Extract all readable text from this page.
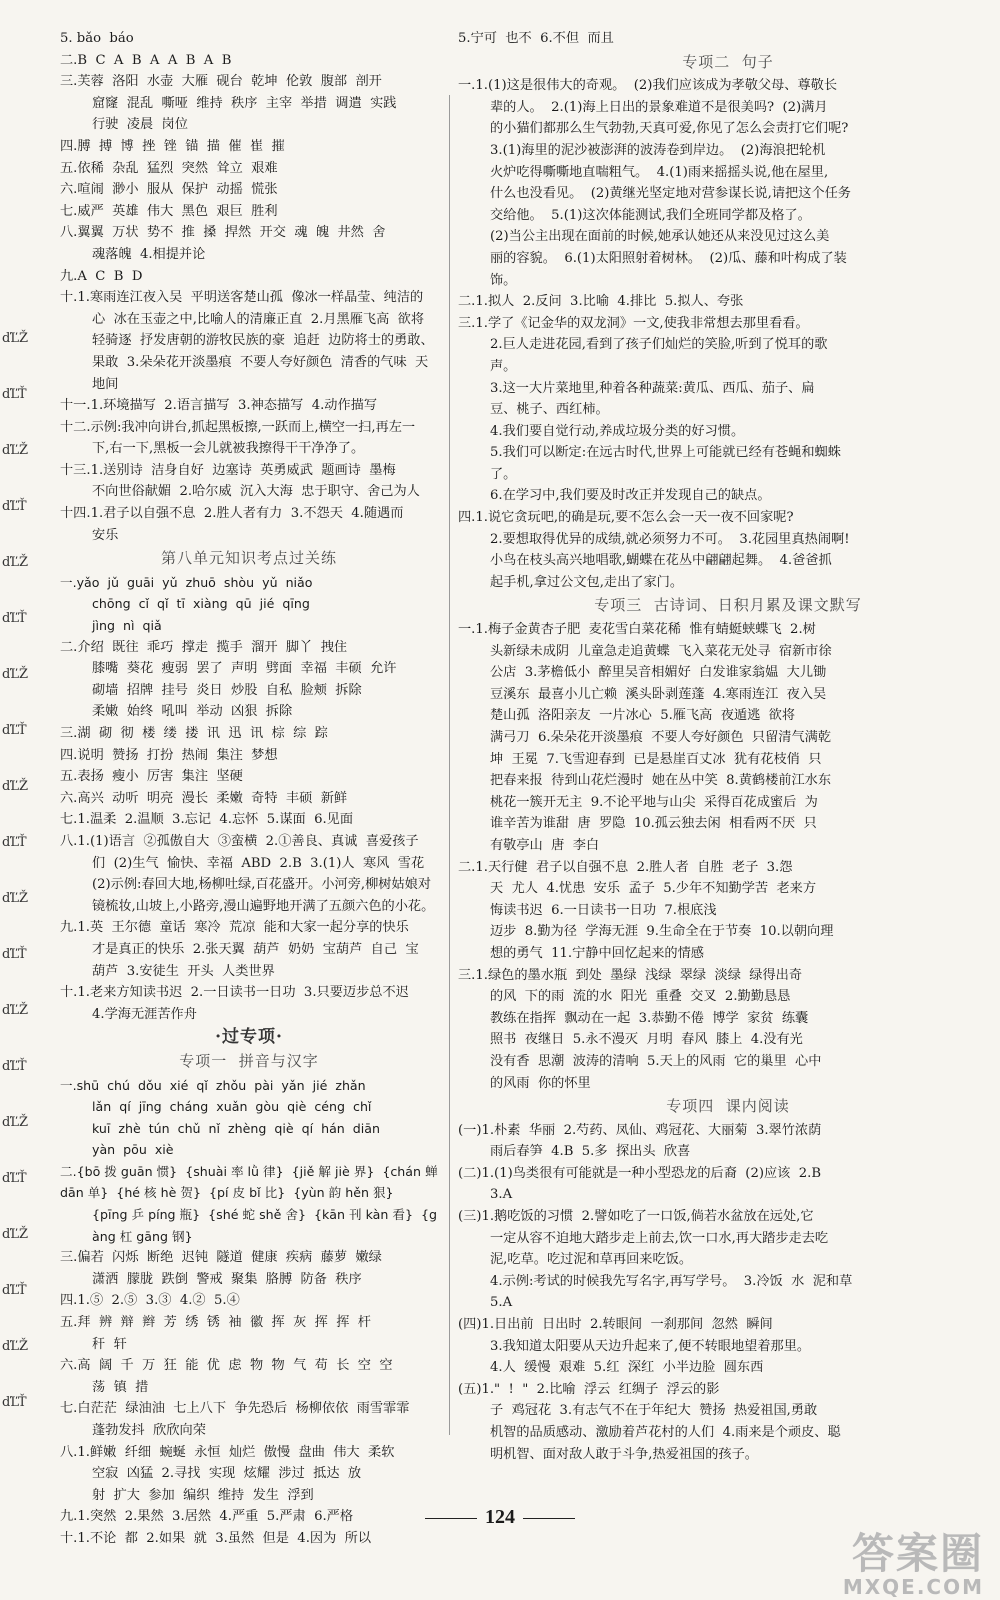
ďĽŽ
ďĽŤ
ďĽŽ
ďĽŤ
ďĽŽ
ďĽŤ
ďĽŽ
ďĽŤ
ďĽŽ
ďĽŤ
ďĽŽ
ďĽŤ
ďĽŽ
ďĽŤ
ďĽŽ
ďĽŤ
ďĽŽ
ďĽŤ
ďĽŽ
ďĽŤ
5. bǎo  báo
二.B  C  A  B  A  A  B  A  B
三.芙蓉  洛阳  水壶  大雁  砚台  乾坤  伦敦  腹部  剖开
窟窿  混乱  嘶哑  维持  秩序  主宰  举措  调遣  实践
行驶  凌晨  岗位
四.膊  搏  博  挫  锉  锚  描  催  崔  摧
五.依稀  杂乱  猛烈  突然  耸立  艰难
六.喧闹  渺小  服从  保护  动摇  慌张
七.威严  英雄  伟大  黑色  艰巨  胜利
八.翼翼  万状  势不  推  搡  捍然  开交  魂  魄  井然  舍
魂落魄  4.相提并论
九.A  C  B  D
十.1.寒雨连江夜入吴  平明送客楚山孤  像冰一样晶莹、纯洁的
心  冰在玉壶之中,比喻人的清廉正直  2.月黑雁飞高  欲将
轻骑逐  抒发唐朝的游牧民族的豪  追赶  边防将士的勇敢、
果敢  3.朵朵花开淡墨痕  不要人夸好颜色  清香的气味  天地间
十一.1.环境描写  2.语言描写  3.神态描写  4.动作描写
十二.示例:我冲向讲台,抓起黑板擦,一跃而上,横空一扫,再左一
下,右一下,黑板一会儿就被我擦得干干净净了。
十三.1.送别诗  洁身自好  边塞诗  英勇威武  题画诗  墨梅
不向世俗献媚  2.哈尔威  沉入大海  忠于职守、舍己为人
十四.1.君子以自强不息  2.胜人者有力  3.不怨天  4.随遇而
安乐
第八单元知识考点过关练
一.yǎo  jǔ  guāi  yǔ  zhuō  shòu  yǔ  niǎo
chōng  cǐ  qǐ  tī  xiàng  qū  jié  qīng
jìng  nì  qiǎ
二.介绍  既往  乖巧  撑走  揽手  溜开  脚丫  拽住
膝嘴  葵花  瘦弱  罢了  声明  劈面  幸福  丰硕  允许
砌墙  招牌  挂号  炎日  炒股  自私  脸颊  拆除
柔嫩  始终  吼叫  举动  凶狠  拆除
三.湖  砌  彻  楼  缕  搂  讯  迅  讯  棕  综  踪
四.说明  赞扬  打扮  热闹  集注  梦想
五.表扬  瘦小  厉害  集注  坚硬
六.高兴  动听  明亮  漫长  柔嫩  奇特  丰硕  新鲜
七.1.温柔  2.温顺  3.忘记  4.忘怀  5.谋面  6.见面
八.1.(1)语言  ②孤傲自大  ③蛮横  2.①善良、真诚  喜爱孩子
们  (2)生气  愉快、幸福  ABD  2.B  3.(1)人  寒风  雪花
(2)示例:春回大地,杨柳吐绿,百花盛开。小河旁,柳树姑娘对
镜梳妆,山坡上,小路旁,漫山遍野地开满了五颜六色的小花。
九.1.英  王尔德  童话  寒冷  荒凉  能和大家一起分享的快乐
才是真正的快乐  2.张天翼  葫芦  奶奶  宝葫芦  自己  宝
葫芦  3.安徒生  开头  人类世界
十.1.老来方知读书迟  2.一日读书一日功  3.只要迈步总不迟
4.学海无涯苦作舟
·过专项·
专项一  拼音与汉字
一.shū  chú  dǒu  xié  qǐ  zhǒu  pài  yǎn  jié  zhǎn
lǎn  qí  jīng  cháng  xuǎn  gòu  qiè  céng  chǐ
kuī  zhè  tún  chǔ  nǐ  zhèng  qiè  qí  hán  diān
yàn  pōu  xiè
二.{bō 拨 guān 惯}  {shuài 率 lǜ 律}  {jiě 解 jiè 界}  {chán 蝉 dān 单}  {hé 核 hè 贺}  {pí 皮 bǐ 比}  {yùn 韵 hěn 狠}
{pīng 乒 píng 瓶}  {shé 蛇 shě 舍}  {kān 刊 kàn 看}  {gàng 杠 gāng 钢}
三.偏若  闪烁  断绝  迟钝  隧道  健康  疾病  藤萝  嫩绿
潇洒  朦胧  跌倒  警戒  聚集  胳膊  防备  秩序
四.1.⑤  2.⑤  3.③  4.②  5.④
五.拜  辨  辩  辫  芳  绣  锈  袖  徽  挥  灰  挥  挥  杆
秆  轩
六.高  阔  千  万  狂  能  优  虑  物  物  气  苟  长  空  空
荡  镇  措
七.白茫茫  绿油油  七上八下  争先恐后  杨柳依依  雨雪霏霏
蓬勃发抖  欣欣向荣
八.1.鲜嫩  纤细  蜿蜒  永恒  灿烂  傲慢  盘曲  伟大  柔软
空寂  凶猛  2.寻找  实现  炫耀  涉过  抵达  放
射  扩大  参加  编织  维持  发生  浮到
九.1.突然  2.果然  3.居然  4.严重  5.严肃  6.严格
十.1.不论  都  2.如果  就  3.虽然  但是  4.因为  所以
5.宁可  也不  6.不但  而且
专项二  句子
一.1.(1)这是很伟大的奇观。  (2)我们应该成为孝敬父母、尊敬长
辈的人。  2.(1)海上日出的景象难道不是很美吗?  (2)满月
的小猫们都那么生气勃勃,天真可爱,你见了怎么会责打它们呢?
3.(1)海里的泥沙被澎湃的波涛卷到岸边。  (2)海浪把轮机
火炉吃得嘶嘶地直喘粗气。  4.(1)雨来摇摇头说,他在屋里,
什么也没看见。  (2)黄继光坚定地对营参谋长说,请把这个任务
交给他。  5.(1)这次体能测试,我们全班同学都及格了。
(2)当公主出现在面前的时候,她承认她还从来没见过这么美
丽的容貌。  6.(1)太阳照射着树林。  (2)瓜、藤和叶构成了装
饰。
二.1.拟人  2.反问  3.比喻  4.排比  5.拟人、夸张
三.1.学了《记金华的双龙洞》一文,使我非常想去那里看看。
2.巨人走进花园,看到了孩子们灿烂的笑脸,听到了悦耳的歌
声。
3.这一大片菜地里,种着各种蔬菜:黄瓜、西瓜、茄子、扁
豆、桃子、西红柿。
4.我们要自觉行动,养成垃圾分类的好习惯。
5.我们可以断定:在远古时代,世界上可能就已经有苍蝇和蜘蛛
了。
6.在学习中,我们要及时改正并发现自己的缺点。
四.1.说它贪玩吧,的确是玩,要不怎么会一天一夜不回家呢?
2.要想取得优异的成绩,就必须努力不可。  3.花园里真热闹啊!
小鸟在枝头高兴地唱歌,蝴蝶在花丛中翩翩起舞。  4.爸爸抓
起手机,拿过公文包,走出了家门。
专项三  古诗词、日积月累及课文默写
一.1.梅子金黄杏子肥  麦花雪白菜花稀  惟有蜻蜓蛱蝶飞  2.树
头新绿未成阴  儿童急走追黄蝶  飞入菜花无处寻  宿新市徐
公店  3.茅檐低小  醉里吴音相媚好  白发谁家翁媪  大儿锄
豆溪东  最喜小儿亡赖  溪头卧剥莲蓬  4.寒雨连江  夜入吴
楚山孤  洛阳亲友  一片冰心  5.雁飞高  夜遁逃  欲将
满弓刀  6.朵朵花开淡墨痕  不要人夸好颜色  只留清气满乾
坤  王冕  7.飞雪迎春到  已是悬崖百丈冰  犹有花枝俏  只
把春来报  待到山花烂漫时  她在丛中笑  8.黄鹤楼前江水东
桃花一簇开无主  9.不论平地与山尖  采得百花成蜜后  为
谁辛苦为谁甜  唐  罗隐  10.孤云独去闲  相看两不厌  只
有敬亭山  唐  李白
二.1.天行健  君子以自强不息  2.胜人者  自胜  老子  3.怨
天  尤人  4.忧患  安乐  孟子  5.少年不知勤学苦  老来方
悔读书迟  6.一日读书一日功  7.根底浅
迈步  8.勤为径  学海无涯  9.生命全在于节奏  10.以朝向理
想的勇气  11.宁静中回忆起来的情感
三.1.绿色的墨水瓶  到处  墨绿  浅绿  翠绿  淡绿  绿得出奇
的风  下的雨  流的水  阳光  重叠  交叉  2.勤勤恳恳
教练在指挥  飘动在一起  3.恭勤不倦  博学  家贫  练囊
照书  夜继日  5.永不漫灭  月明  春风  膝上  4.没有光
没有香  思潮  波涛的清响  5.天上的风雨  它的巢里  心中
的风雨  你的怀里
专项四  课内阅读
(一)1.朴素  华丽  2.芍药、凤仙、鸡冠花、大丽菊  3.翠竹浓荫
雨后春笋  4.B  5.多  探出头  欣喜
(二)1.(1)鸟类很有可能就是一种小型恐龙的后裔  (2)应该  2.B
3.A
(三)1.鹅吃饭的习惯  2.譬如吃了一口饭,倘若水盆放在远处,它
一定从容不迫地大踏步走上前去,饮一口水,再大踏步走去吃
泥,吃草。吃过泥和草再回来吃饭。
4.示例:考试的时候我先写名字,再写学号。  3.冷饭  水  泥和草
5.A
(四)1.日出前  日出时  2.转眼间  一刹那间  忽然  瞬间
3.我知道太阳要从天边升起来了,便不转眼地望着那里。
4.人  缓慢  艰难  5.红  深红  小半边脸  圆东西
(五)1."  !  "  2.比喻  浮云  红绸子  浮云的影
子  鸡冠花  3.有志气不在于年纪大  赞扬  热爱祖国,勇敢
机智的品质感动、激励着芦花村的人们  4.雨来是个顽皮、聪
明机智、面对敌人敢于斗争,热爱祖国的孩子。
124
答案圈
MXQE.COM
